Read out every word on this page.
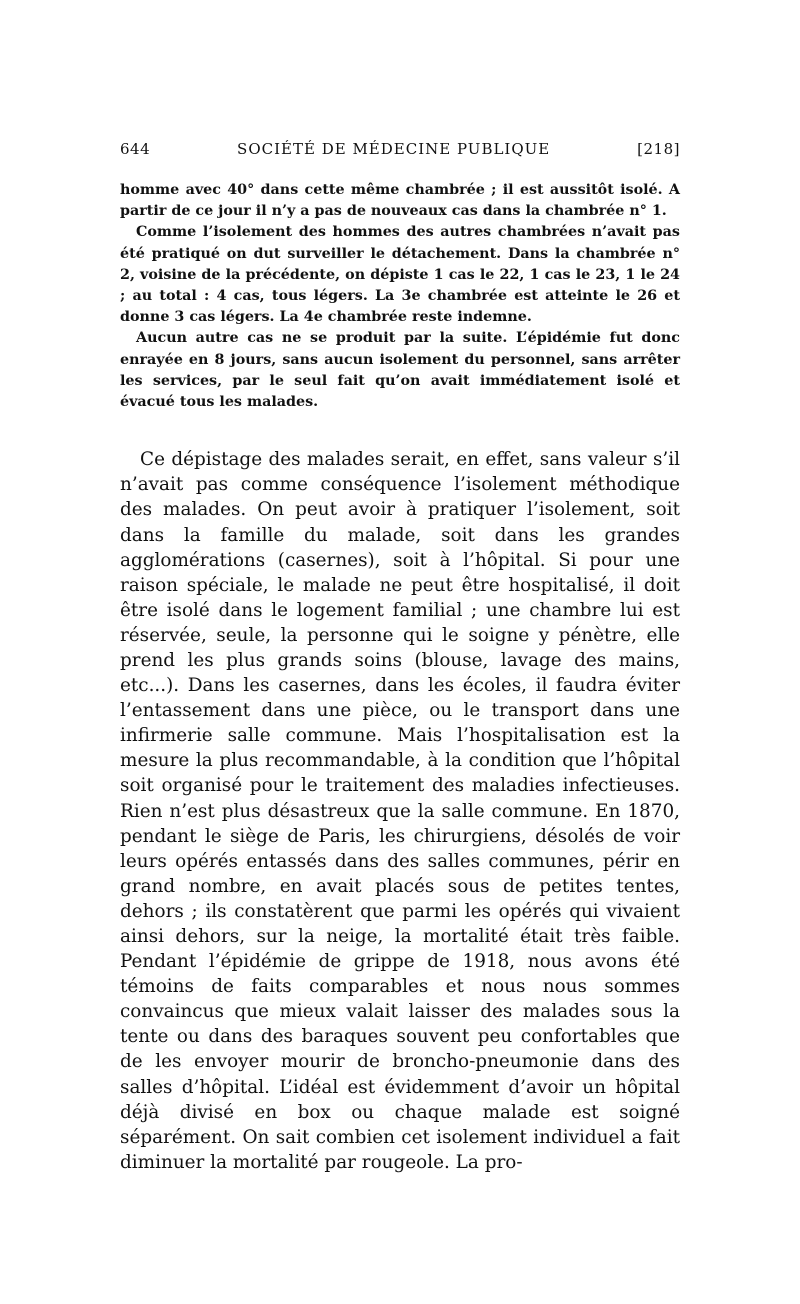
644	SOCIÉTÉ DE MÉDECINE PUBLIQUE	[218]

homme avec 40° dans cette même chambrée ; il est aussitôt isolé. A partir de ce jour il n’y a pas de nouveaux cas dans la chambrée n° 1.

Comme l’isolement des hommes des autres chambrées n’avait pas été pratiqué on dut surveiller le détachement. Dans la chambrée n° 2, voisine de la précédente, on dépiste 1 cas le 22, 1 cas le 23, 1 le 24 ; au total : 4 cas, tous légers. La 3e chambrée est atteinte le 26 et donne 3 cas légers. La 4e chambrée reste indemne.

Aucun autre cas ne se produit par la suite. L’épidémie fut donc enrayée en 8 jours, sans aucun isolement du personnel, sans arrêter les services, par le seul fait qu’on avait immédiatement isolé et évacué tous les malades.

Ce dépistage des malades serait, en effet, sans valeur s’il n’avait pas comme conséquence l’isolement méthodique des malades. On peut avoir à pratiquer l’isolement, soit dans la famille du malade, soit dans les grandes agglomérations (casernes), soit à l’hôpital. Si pour une raison spéciale, le malade ne peut être hospitalisé, il doit être isolé dans le logement familial ; une chambre lui est réservée, seule, la personne qui le soigne y pénètre, elle prend les plus grands soins (blouse, lavage des mains, etc...). Dans les casernes, dans les écoles, il faudra éviter l’entassement dans une pièce, ou le transport dans une infirmerie salle commune. Mais l’hospitalisation est la mesure la plus recommandable, à la condition que l’hôpital soit organisé pour le traitement des maladies infectieuses. Rien n’est plus désastreux que la salle commune. En 1870, pendant le siège de Paris, les chirurgiens, désolés de voir leurs opérés entassés dans des salles communes, périr en grand nombre, en avait placés sous de petites tentes, dehors ; ils constatèrent que parmi les opérés qui vivaient ainsi dehors, sur la neige, la mortalité était très faible. Pendant l’épidémie de grippe de 1918, nous avons été témoins de faits comparables et nous nous sommes convaincus que mieux valait laisser des malades sous la tente ou dans des baraques souvent peu confortables que de les envoyer mourir de broncho-pneumonie dans des salles d’hôpital. L’idéal est évidemment d’avoir un hôpital déjà divisé en box ou chaque malade est soigné séparément. On sait combien cet isolement individuel a fait diminuer la mortalité par rougeole. La pro-
